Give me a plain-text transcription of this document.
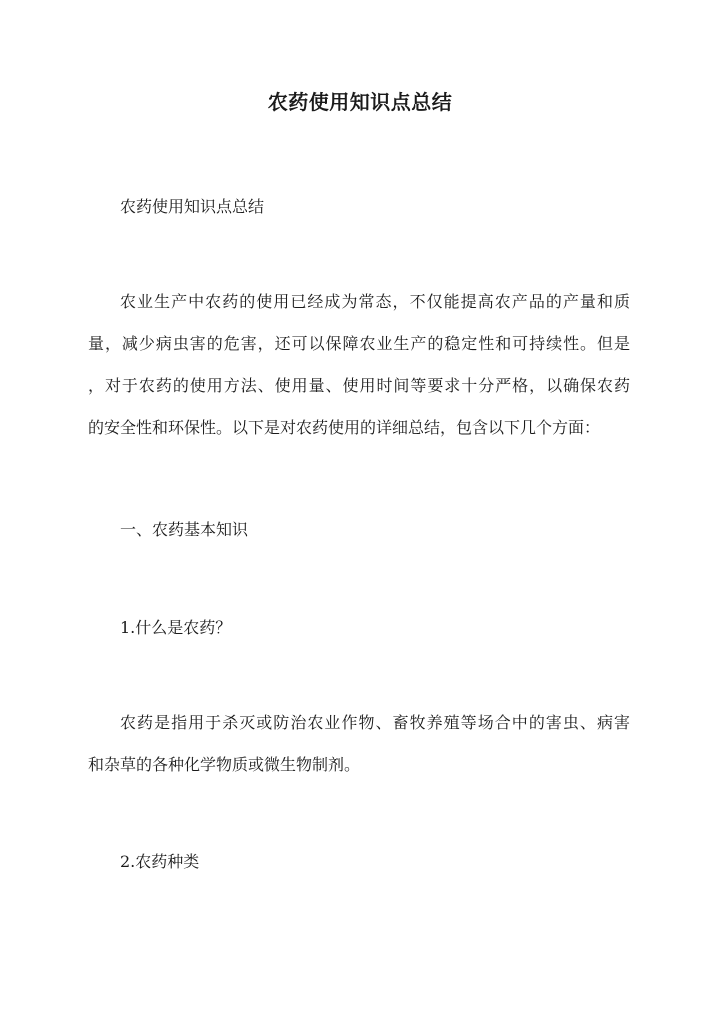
农药使用知识点总结
农药使用知识点总结
农业生产中农药的使用已经成为常态，不仅能提高农产品的产量和质
量，减少病虫害的危害，还可以保障农业生产的稳定性和可持续性。但是
，对于农药的使用方法、使用量、使用时间等要求十分严格，以确保农药
的安全性和环保性。以下是对农药使用的详细总结，包含以下几个方面：
一、农药基本知识
1.什么是农药？
农药是指用于杀灭或防治农业作物、畜牧养殖等场合中的害虫、病害
和杂草的各种化学物质或微生物制剂。
2.农药种类
